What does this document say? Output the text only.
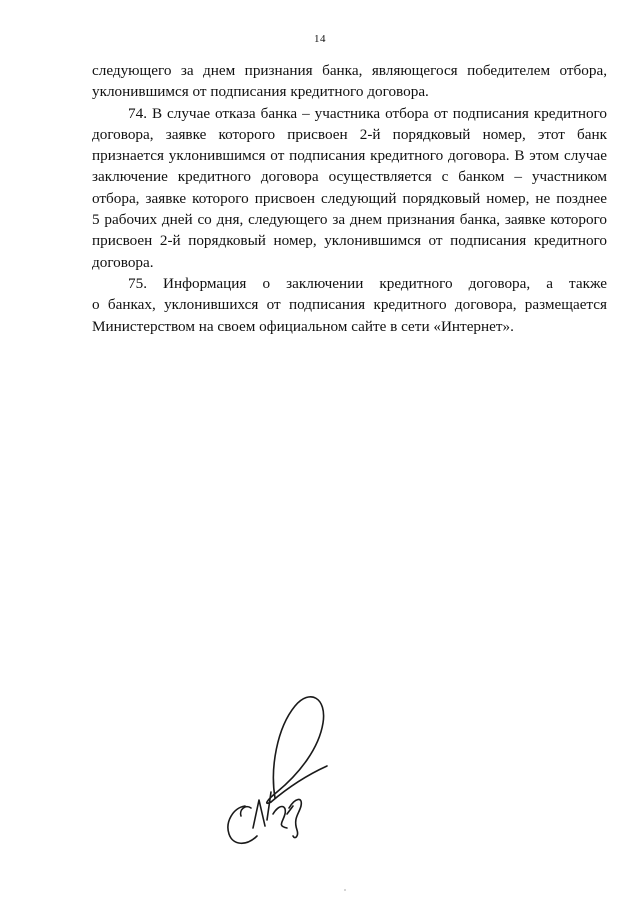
14
следующего за днем признания банка, являющегося победителем отбора,
уклонившимся от подписания кредитного договора.
74. В случае отказа банка – участника отбора от подписания кредитного
договора, заявке которого присвоен 2-й порядковый номер, этот банк
признается уклонившимся от подписания кредитного договора. В этом случае
заключение кредитного договора осуществляется с банком – участником
отбора, заявке которого присвоен следующий порядковый номер, не позднее
5 рабочих дней со дня, следующего за днем признания банка, заявке которого
присвоен 2-й порядковый номер, уклонившимся от подписания кредитного
договора.
75. Информация о заключении кредитного договора, а также
о банках, уклонившихся от подписания кредитного договора, размещается
Министерством на своем официальном сайте в сети «Интернет».
